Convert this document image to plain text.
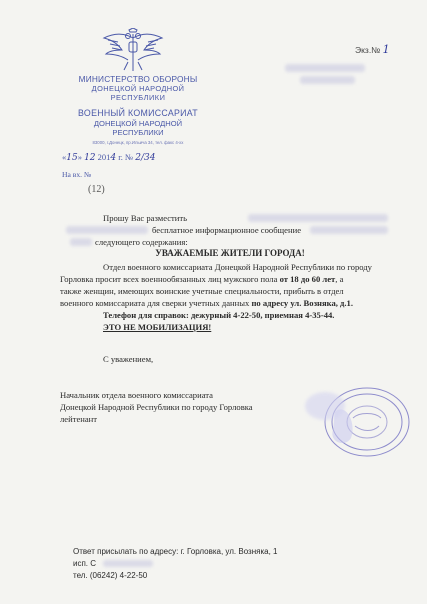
МИНИСТЕРСТВО ОБОРОНЫ
ДОНЕЦКОЙ НАРОДНОЙ
РЕСПУБЛИКИ
ВОЕННЫЙ КОМИССАРИАТ
ДОНЕЦКОЙ НАРОДНОЙ
РЕСПУБЛИКИ
83000, г.Донецк, пр.Ильича 34, тел. факс 4-xx
«15» 12 2014 г. № 2/34
На вх. №
(12)
Экз.№ 1
Прошу Вас разместить
бесплатное информационное сообщение
следующего содержания:
УВАЖАЕМЫЕ ЖИТЕЛИ ГОРОДА!
Отдел военного комиссариата Донецкой Народной Республики по городу
Горловка просит всех военнообязанных лиц мужского пола от 18 до 60 лет, а
также женщин, имеющих воинские учетные специальности, прибыть в отдел
военного комиссариата для сверки учетных данных по адресу ул. Возняка, д.1.
Телефон для справок: дежурный 4-22-50, приемная 4-35-44.
ЭТО НЕ МОБИЛИЗАЦИЯ!
С уважением,
Начальник отдела военного комиссариата
Донецкой Народной Республики по городу Горловка
лейтенант
Ответ присылать по адресу: г. Горловка, ул. Возняка, 1
исп. С
тел. (06242) 4-22-50
